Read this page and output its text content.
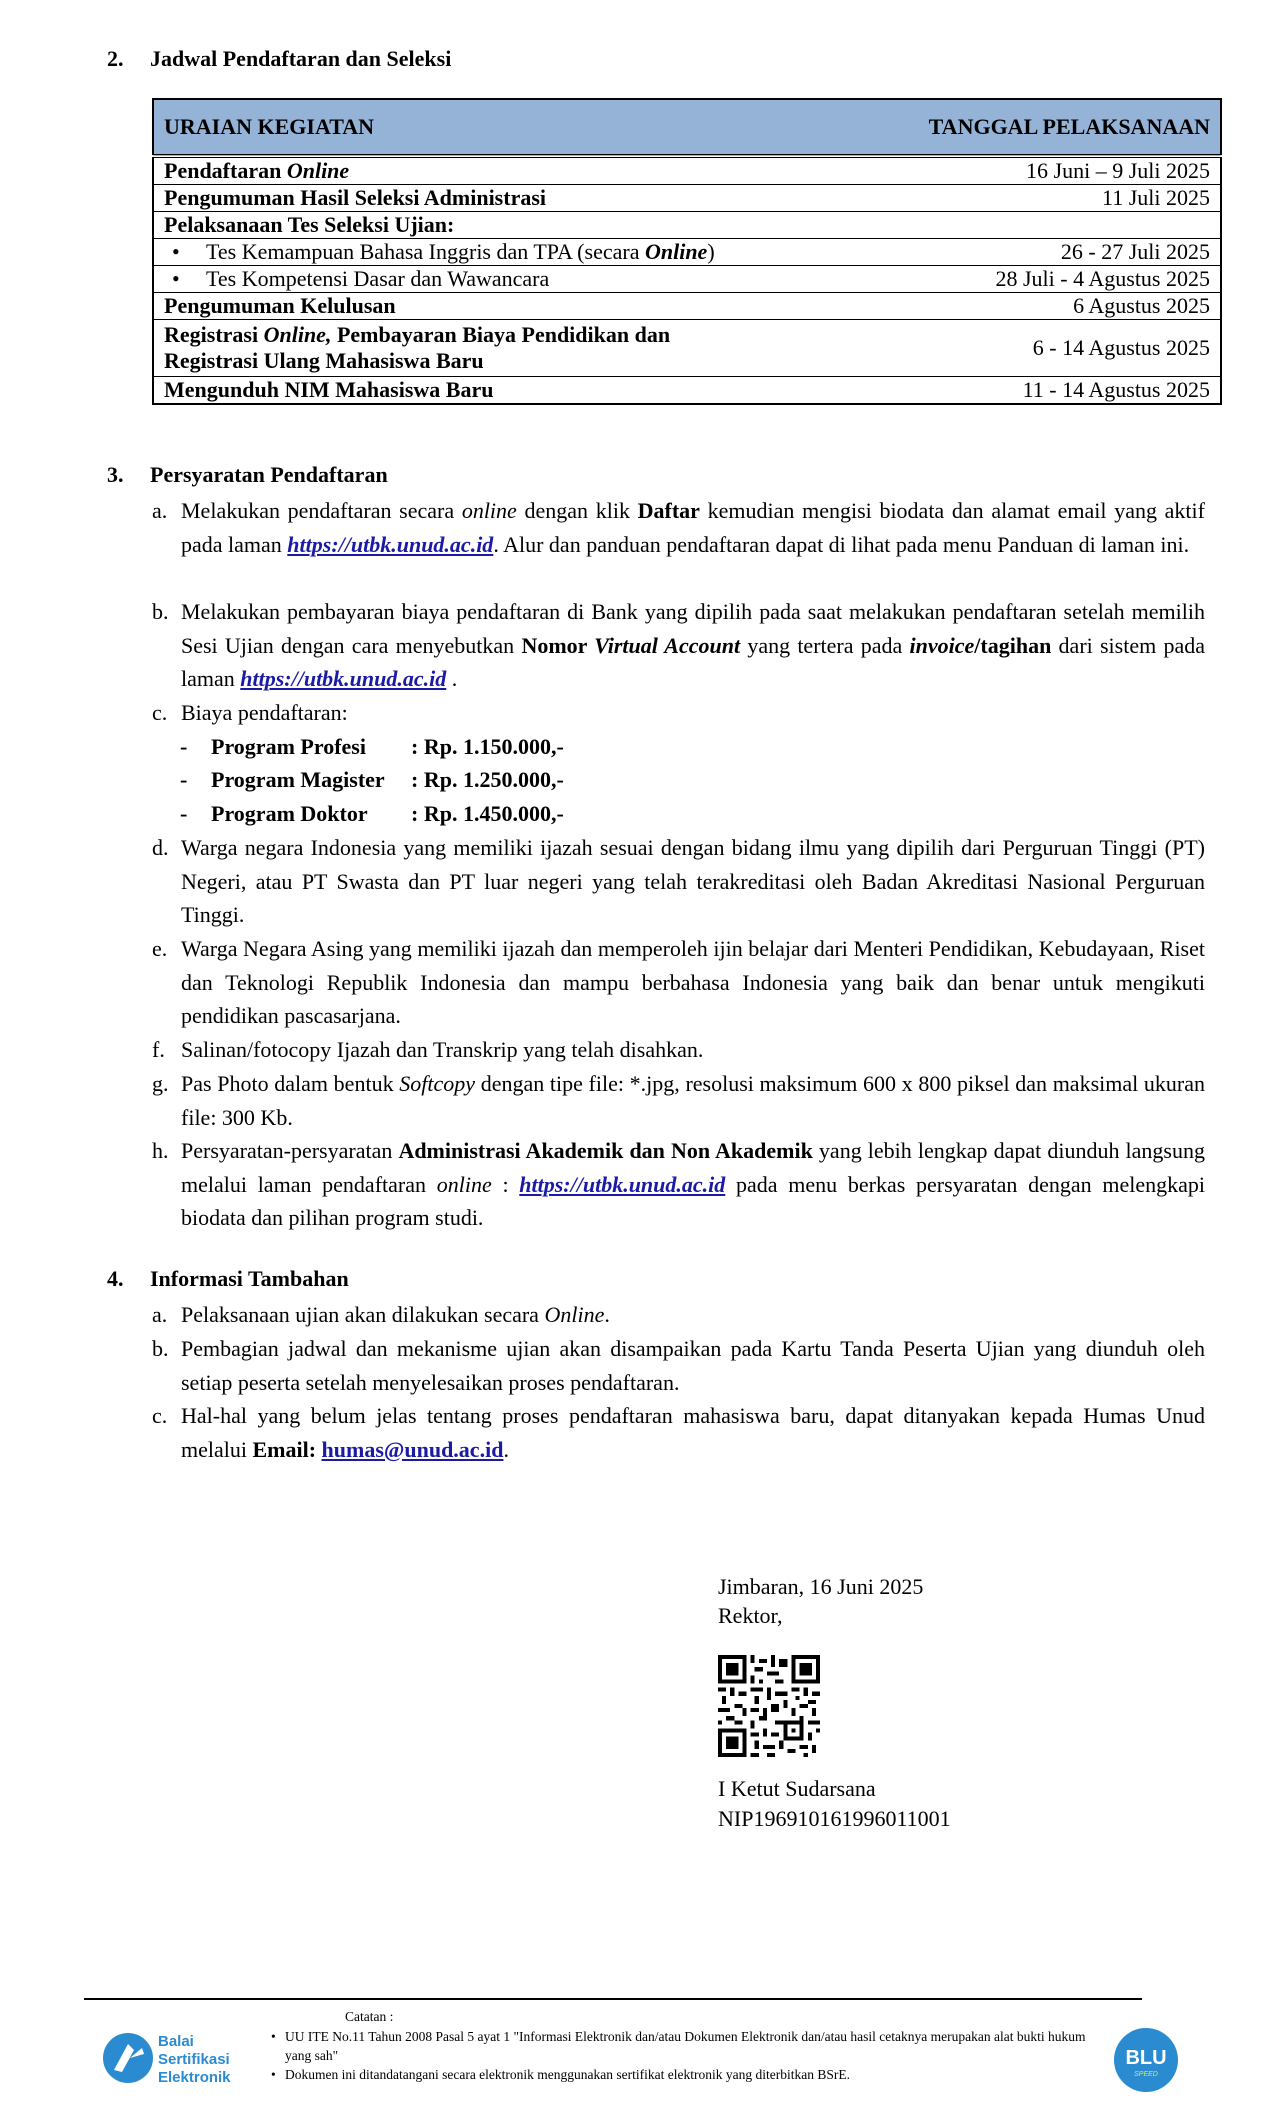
2. Jadwal Pendaftaran dan Seleksi
URAIAN KEGIATAN	TANGGAL PELAKSANAAN
Pendaftaran Online	16 Juni – 9 Juli 2025
Pengumuman Hasil Seleksi Administrasi	11 Juli 2025
Pelaksanaan Tes Seleksi Ujian:	
• Tes Kemampuan Bahasa Inggris dan TPA (secara Online)	26 - 27 Juli 2025
• Tes Kompetensi Dasar dan Wawancara	28 Juli - 4 Agustus 2025
Pengumuman Kelulusan	6 Agustus 2025
Registrasi Online, Pembayaran Biaya Pendidikan dan
Registrasi Ulang Mahasiswa Baru	6 - 14 Agustus 2025
Mengunduh NIM Mahasiswa Baru	11 - 14 Agustus 2025
3. Persyaratan Pendaftaran
a. Melakukan pendaftaran secara online dengan klik Daftar kemudian mengisi biodata dan alamat email yang aktif pada laman https://utbk.unud.ac.id. Alur dan panduan pendaftaran dapat di lihat pada menu Panduan di laman ini.
b. Melakukan pembayaran biaya pendaftaran di Bank yang dipilih pada saat melakukan pendaftaran setelah memilih Sesi Ujian dengan cara menyebutkan Nomor Virtual Account yang tertera pada invoice/tagihan dari sistem pada laman https://utbk.unud.ac.id .
c. Biaya pendaftaran:
- Program Profesi : Rp. 1.150.000,-
- Program Magister : Rp. 1.250.000,-
- Program Doktor : Rp. 1.450.000,-
d. Warga negara Indonesia yang memiliki ijazah sesuai dengan bidang ilmu yang dipilih dari Perguruan Tinggi (PT) Negeri, atau PT Swasta dan PT luar negeri yang telah terakreditasi oleh Badan Akreditasi Nasional Perguruan Tinggi.
e. Warga Negara Asing yang memiliki ijazah dan memperoleh ijin belajar dari Menteri Pendidikan, Kebudayaan, Riset dan Teknologi Republik Indonesia dan mampu berbahasa Indonesia yang baik dan benar untuk mengikuti pendidikan pascasarjana.
f. Salinan/fotocopy Ijazah dan Transkrip yang telah disahkan.
g. Pas Photo dalam bentuk Softcopy dengan tipe file: *.jpg, resolusi maksimum 600 x 800 piksel dan maksimal ukuran file: 300 Kb.
h. Persyaratan-persyaratan Administrasi Akademik dan Non Akademik yang lebih lengkap dapat diunduh langsung melalui laman pendaftaran online : https://utbk.unud.ac.id pada menu berkas persyaratan dengan melengkapi biodata dan pilihan program studi.
4. Informasi Tambahan
a. Pelaksanaan ujian akan dilakukan secara Online.
b. Pembagian jadwal dan mekanisme ujian akan disampaikan pada Kartu Tanda Peserta Ujian yang diunduh oleh setiap peserta setelah menyelesaikan proses pendaftaran.
c. Hal-hal yang belum jelas tentang proses pendaftaran mahasiswa baru, dapat ditanyakan kepada Humas Unud melalui Email: humas@unud.ac.id.
Jimbaran, 16 Juni 2025
Rektor,
I Ketut Sudarsana
NIP196910161996011001
Balai
Sertifikasi
Elektronik
Catatan :
• UU ITE No.11 Tahun 2008 Pasal 5 ayat 1 "Informasi Elektronik dan/atau Dokumen Elektronik dan/atau hasil cetaknya merupakan alat bukti hukum yang sah"
• Dokumen ini ditandatangani secara elektronik menggunakan sertifikat elektronik yang diterbitkan BSrE.
BLU
SPEED
